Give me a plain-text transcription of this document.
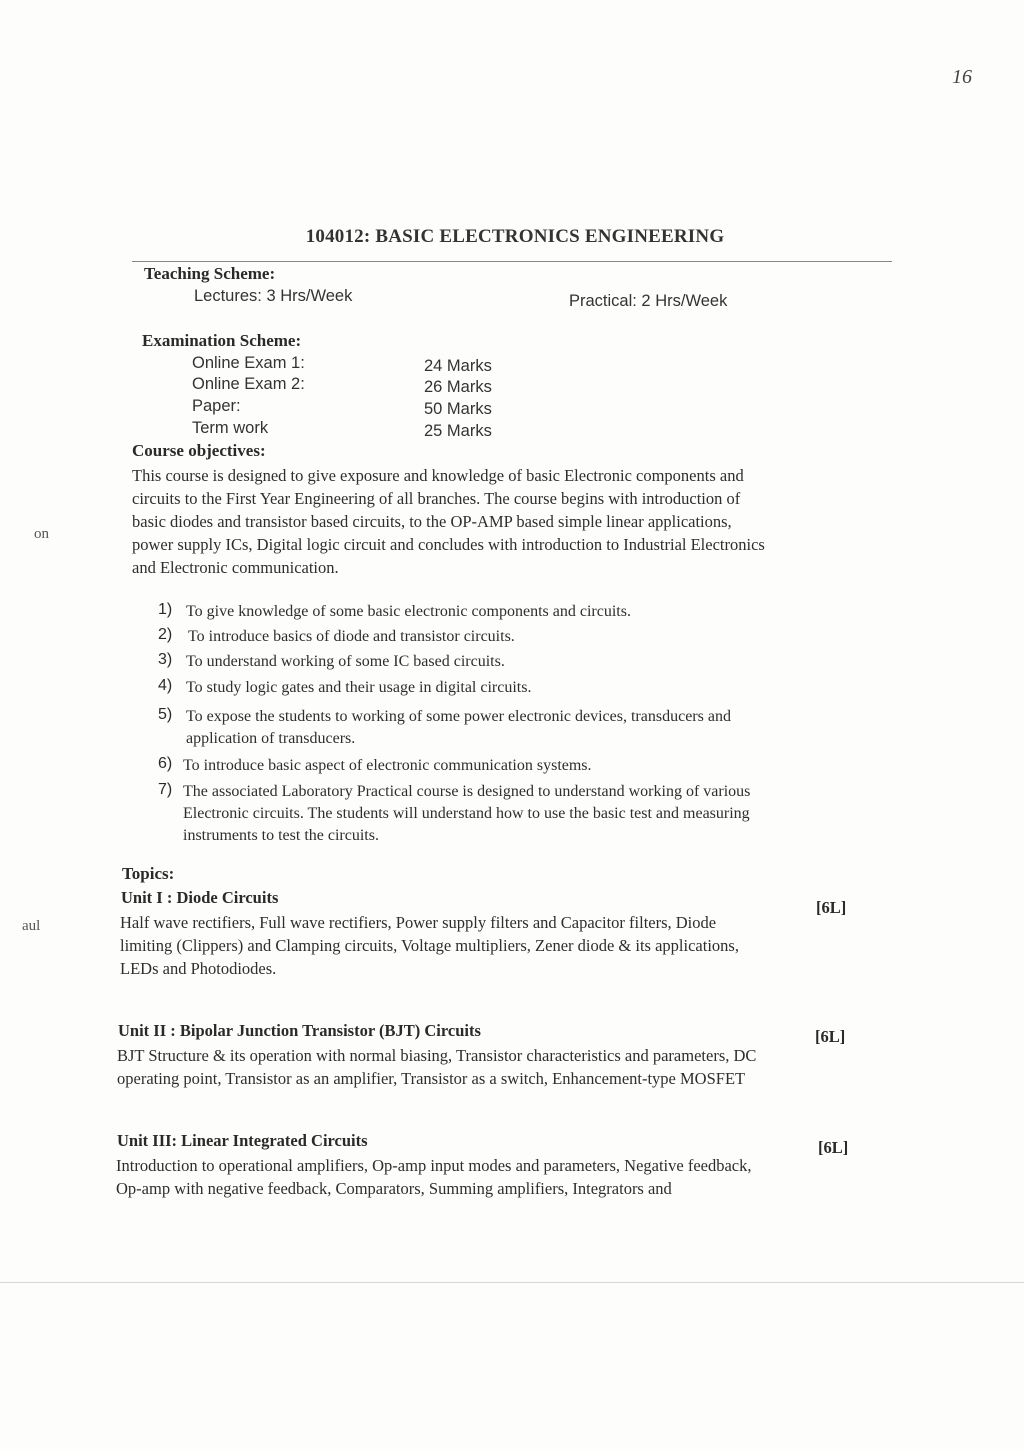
16
on
aul
104012: BASIC ELECTRONICS ENGINEERING
Teaching Scheme:
Lectures: 3 Hrs/Week	Practical: 2 Hrs/Week
Examination Scheme:
Online Exam 1:	24 Marks
Online Exam 2:	26 Marks
Paper:	50 Marks
Term work	25 Marks
Course objectives:
This course is designed to give exposure and knowledge of basic Electronic components and
circuits to the First Year Engineering of all branches. The course begins with introduction of
basic diodes and transistor based circuits, to the OP-AMP based simple linear applications,
power supply ICs, Digital logic circuit and concludes with introduction to Industrial Electronics
and Electronic communication.
1) To give knowledge of some basic electronic components and circuits.
2) To introduce basics of diode and transistor circuits.
3) To understand working of some IC based circuits.
4) To study logic gates and their usage in digital circuits.
5) To expose the students to working of some power electronic devices, transducers and
application of transducers.
6) To introduce basic aspect of electronic communication systems.
7) The associated Laboratory Practical course is designed to understand working of various
Electronic circuits. The students will understand how to use the basic test and measuring
instruments to test the circuits.
Topics:
Unit I : Diode Circuits
[6L]
Half wave rectifiers, Full wave rectifiers, Power supply filters and Capacitor filters, Diode
limiting (Clippers) and Clamping circuits, Voltage multipliers, Zener diode & its applications,
LEDs and Photodiodes.
Unit II : Bipolar Junction Transistor (BJT) Circuits	[6L]
BJT Structure & its operation with normal biasing, Transistor characteristics and parameters, DC
operating point, Transistor as an amplifier, Transistor as a switch, Enhancement-type MOSFET
Unit III: Linear Integrated Circuits	[6L]
Introduction to operational amplifiers, Op-amp input modes and parameters, Negative feedback,
Op-amp with negative feedback, Comparators, Summing amplifiers, Integrators and
